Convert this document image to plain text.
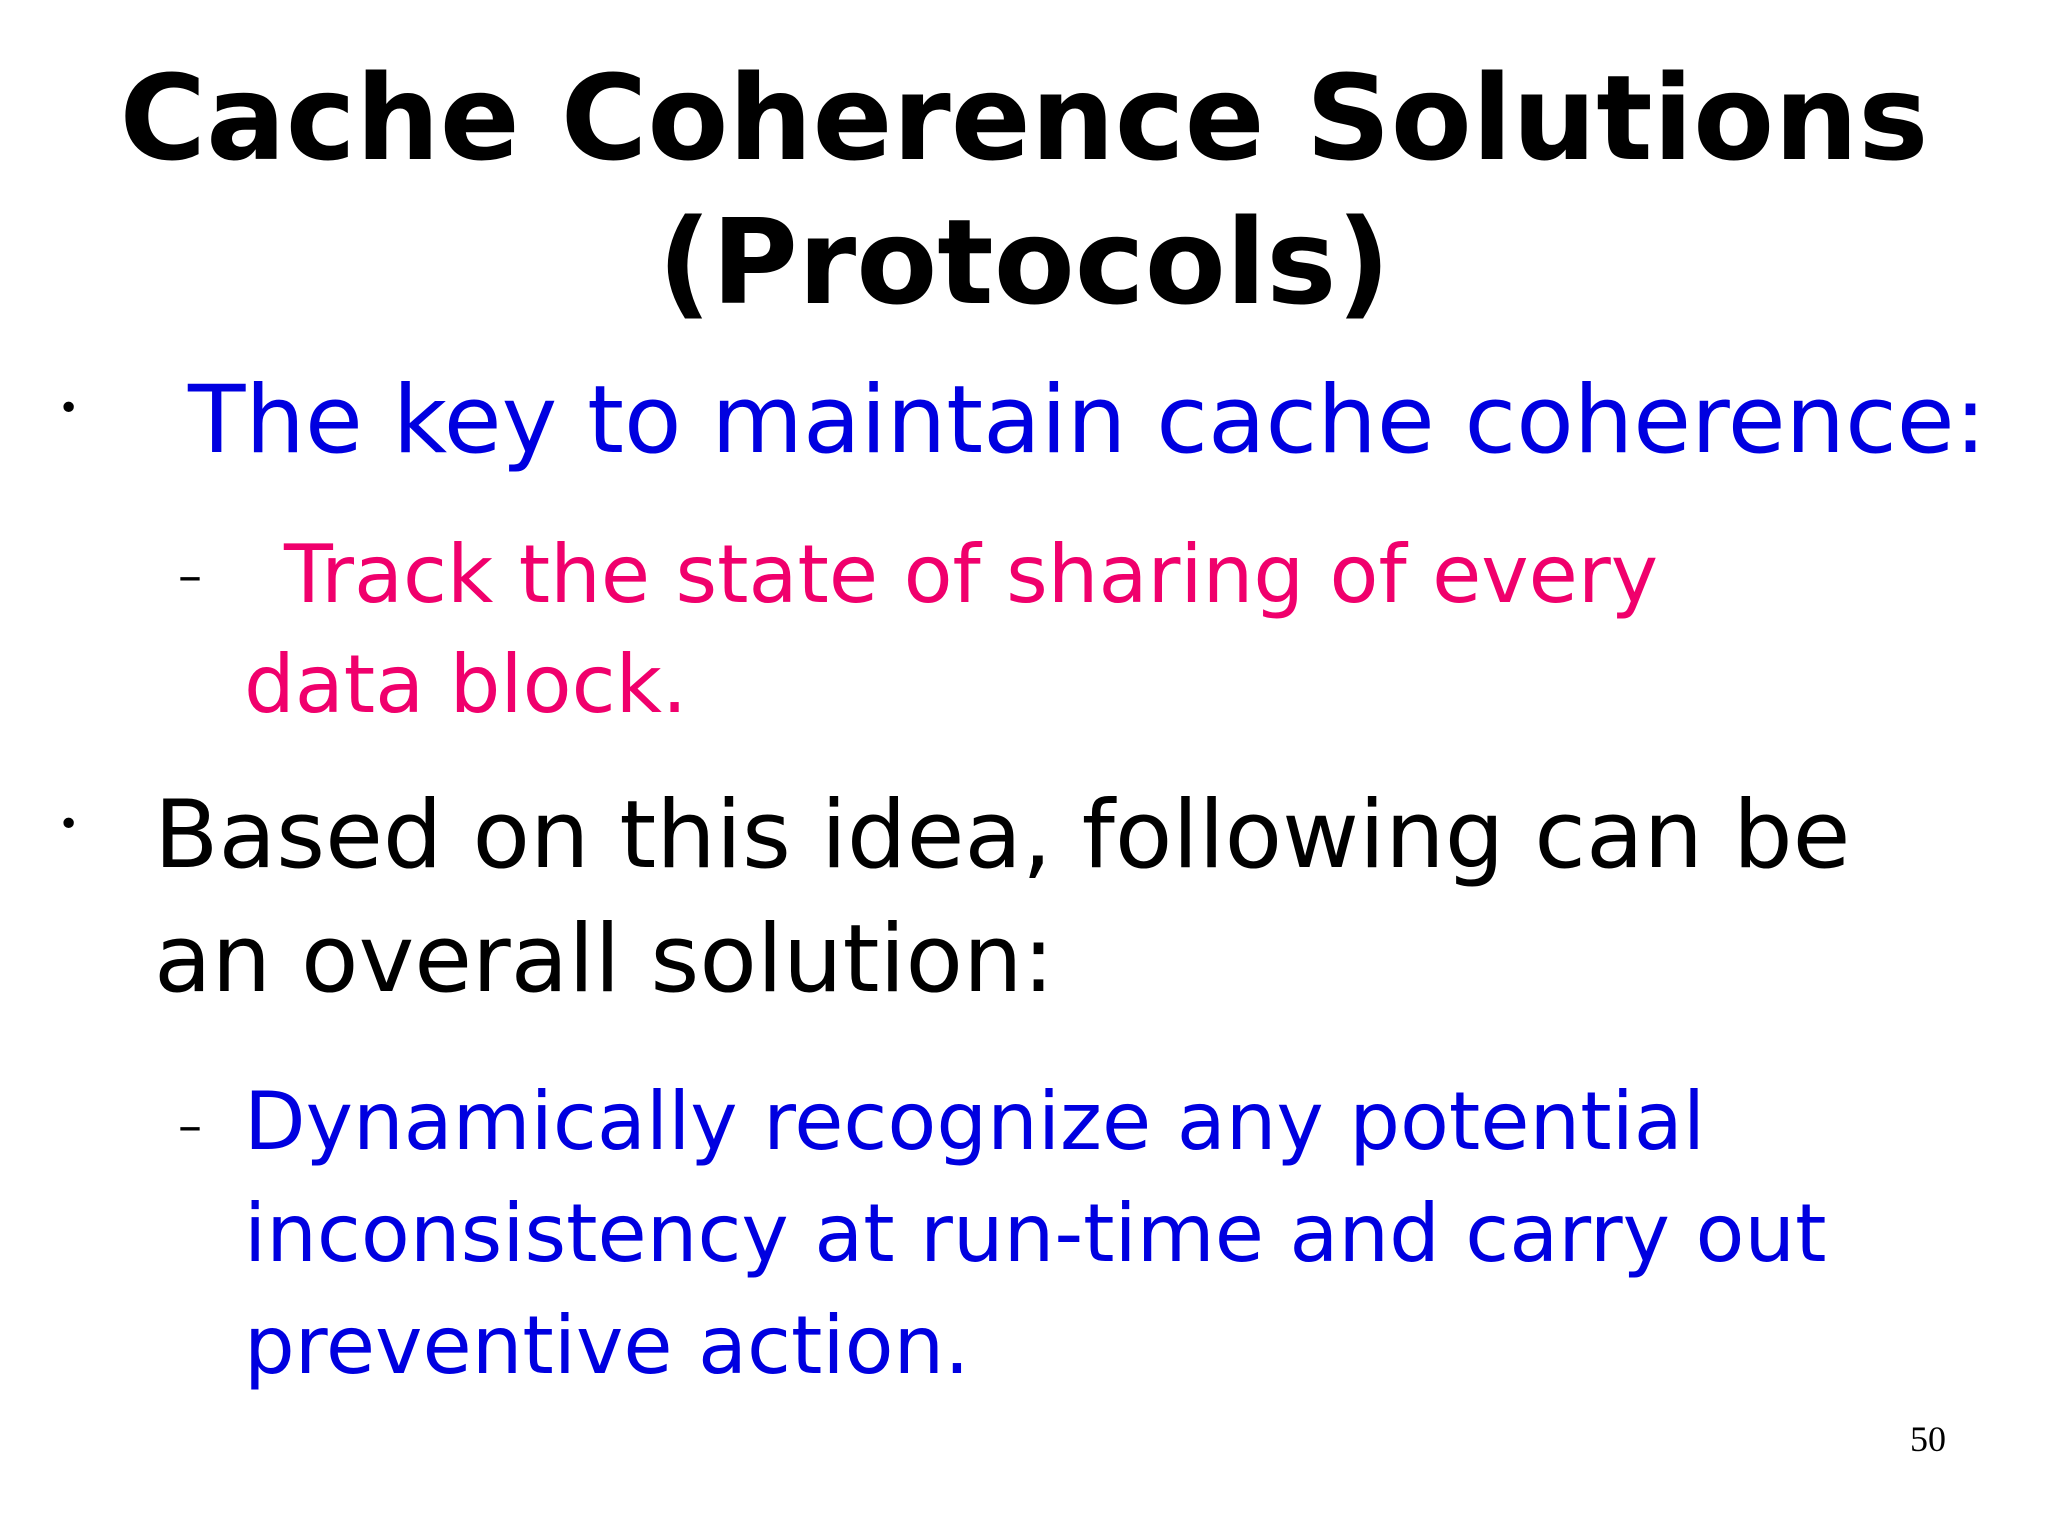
Cache Coherence Solutions
(Protocols)
• The key to maintain cache coherence:
– Track the state of sharing of every
data block.
• Based on this idea, following can be
an overall solution:
– Dynamically recognize any potential
inconsistency at run-time and carry out
preventive action.
50
